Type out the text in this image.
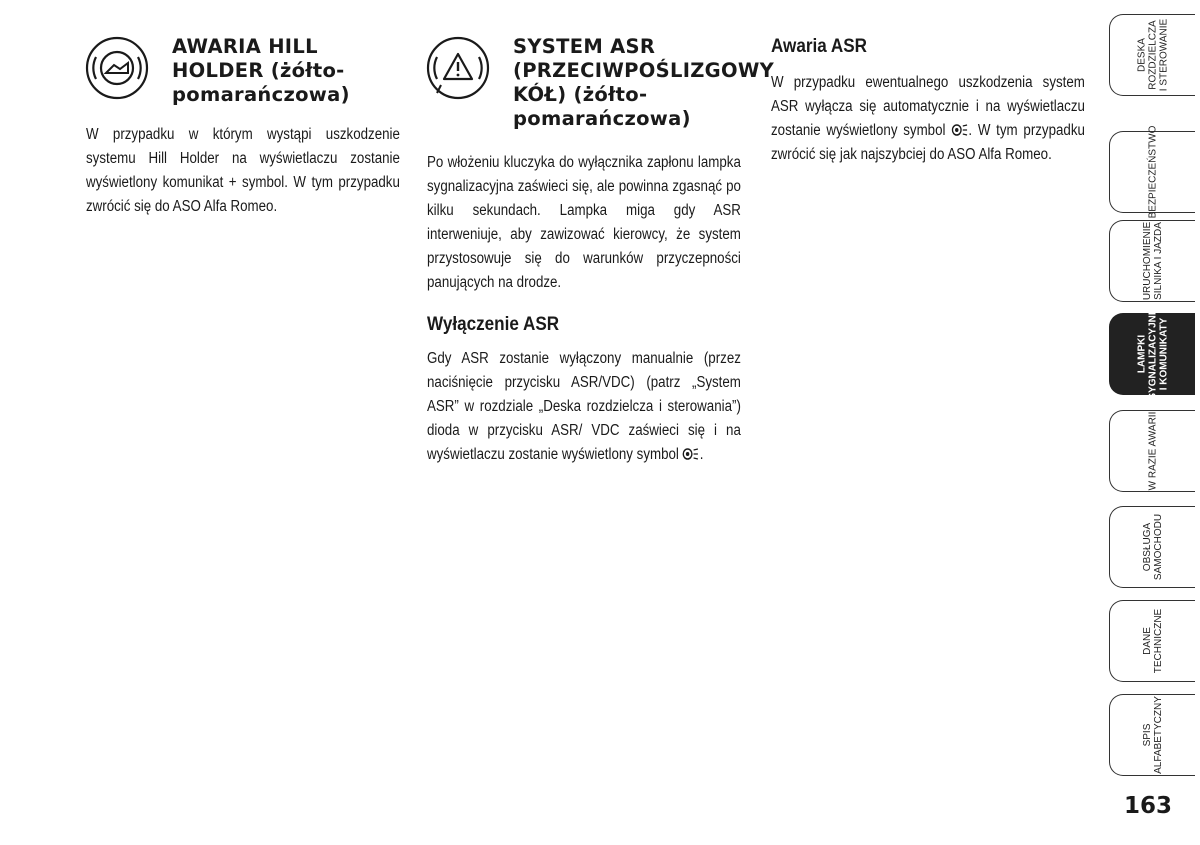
AWARIA HILL
HOLDER (żółto-
pomarańczowa)

W przypadku w którym wystąpi uszkodzenie systemu Hill Holder na wyświetlaczu zostanie wyświetlony komunikat + symbol. W tym przypadku zwrócić się do ASO Alfa Romeo.

SYSTEM ASR
(PRZECIWPOŚLIZGOWY
KÓŁ) (żółto-
pomarańczowa)

Po włożeniu kluczyka do wyłącznika zapłonu lampka sygnalizacyjna zaświeci się, ale powinna zgasnąć po kilku sekundach. Lampka miga gdy ASR interweniuje, aby zawizować kierowcy, że system przystosowuje się do warunków przyczepności panujących na drodze.

Wyłączenie ASR

Gdy ASR zostanie wyłączony manualnie (przez naciśnięcie przycisku ASR/VDC) (patrz „System ASR” w rozdziale „Deska rozdzielcza i sterowania”) dioda w przycisku ASR/ VDC zaświeci się i na wyświetlaczu zostanie wyświetlony symbol .

Awaria ASR

W przypadku ewentualnego uszkodzenia system ASR wyłącza się automatycznie i na wyświetlaczu zostanie wyświetlony symbol . W tym przypadku zwrócić się jak najszybciej do ASO Alfa Romeo.

DESKA
ROZDZIELCZA
I STEROWANIE
BEZPIECZEŃSTWO
URUCHOMIENIE
SILNIKA I JAZDA
LAMPKI
SYGNALIZACYJNE
I KOMUNIKATY
W RAZIE AWARII
OBSŁUGA
SAMOCHODU
DANE
TECHNICZNE
SPIS
ALFABETYCZNY
163
